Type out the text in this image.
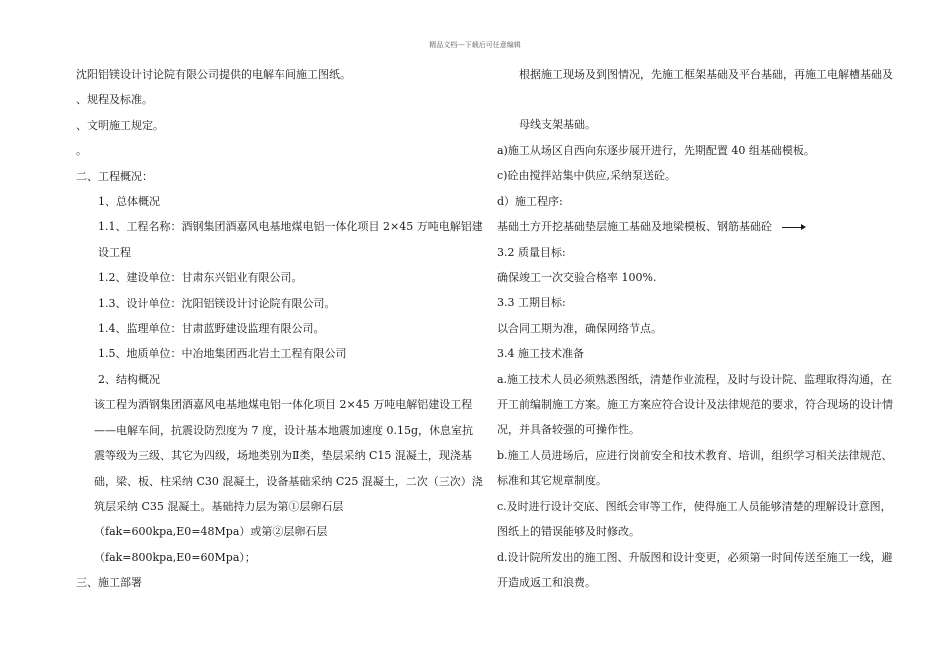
精品文档---下载后可任意编辑

沈阳铝镁设计讨论院有限公司提供的电解车间施工图纸。

、规程及标准。

、文明施工规定。

。

二、工程概况：

1、总体概况

1.1、工程名称：酒钢集团酒嘉风电基地煤电铝一体化项目 2×45 万吨电解铝建设工程

1.2、建设单位：甘肃东兴铝业有限公司。

1.3、设计单位：沈阳铝镁设计讨论院有限公司。

1.4、监理单位：甘肃蓝野建设监理有限公司。

1.5、地质单位：中冶地集团西北岩土工程有限公司

2、结构概况

该工程为酒钢集团酒嘉风电基地煤电铝一体化项目 2×45 万吨电解铝建设工程——电解车间，抗震设防烈度为 7 度，设计基本地震加速度 0.15g，休息室抗震等级为三级、其它为四级，场地类别为Ⅱ类，垫层采纳 C15 混凝土，现浇基础，梁、板、柱采纳 C30 混凝土，设备基础采纳 C25 混凝土，二次（三次）浇筑层采纳 C35 混凝土。基础持力层为第①层卵石层（fak=600kpa,E0=48Mpa）或第②层卵石层（fak=800kpa,E0=60Mpa）；

三、施工部署

根据施工现场及到图情况，先施工框架基础及平台基础，再施工电解槽基础及母线支架基础。

a)施工从场区自西向东逐步展开进行，先期配置 40 组基础模板。

c)砼由搅拌站集中供应,采纳泵送砼。

d）施工程序:

基础土方开挖基础垫层施工基础及地梁模板、钢筋基础砼

3.2 质量目标:

确保竣工一次交验合格率 100%.

3.3 工期目标:

以合同工期为准，确保网络节点。

3.4 施工技术准备

a.施工技术人员必须熟悉图纸，清楚作业流程，及时与设计院、监理取得沟通，在开工前编制施工方案。施工方案应符合设计及法律规范的要求，符合现场的设计情况，并具备较强的可操作性。

b.施工人员进场后，应进行岗前安全和技术教育、培训，组织学习相关法律规范、标准和其它规章制度。

c.及时进行设计交底、图纸会审等工作，使得施工人员能够清楚的理解设计意图，图纸上的错误能够及时修改。

d.设计院所发出的施工图、升版图和设计变更，必须第一时间传送至施工一线，避开造成返工和浪费。
